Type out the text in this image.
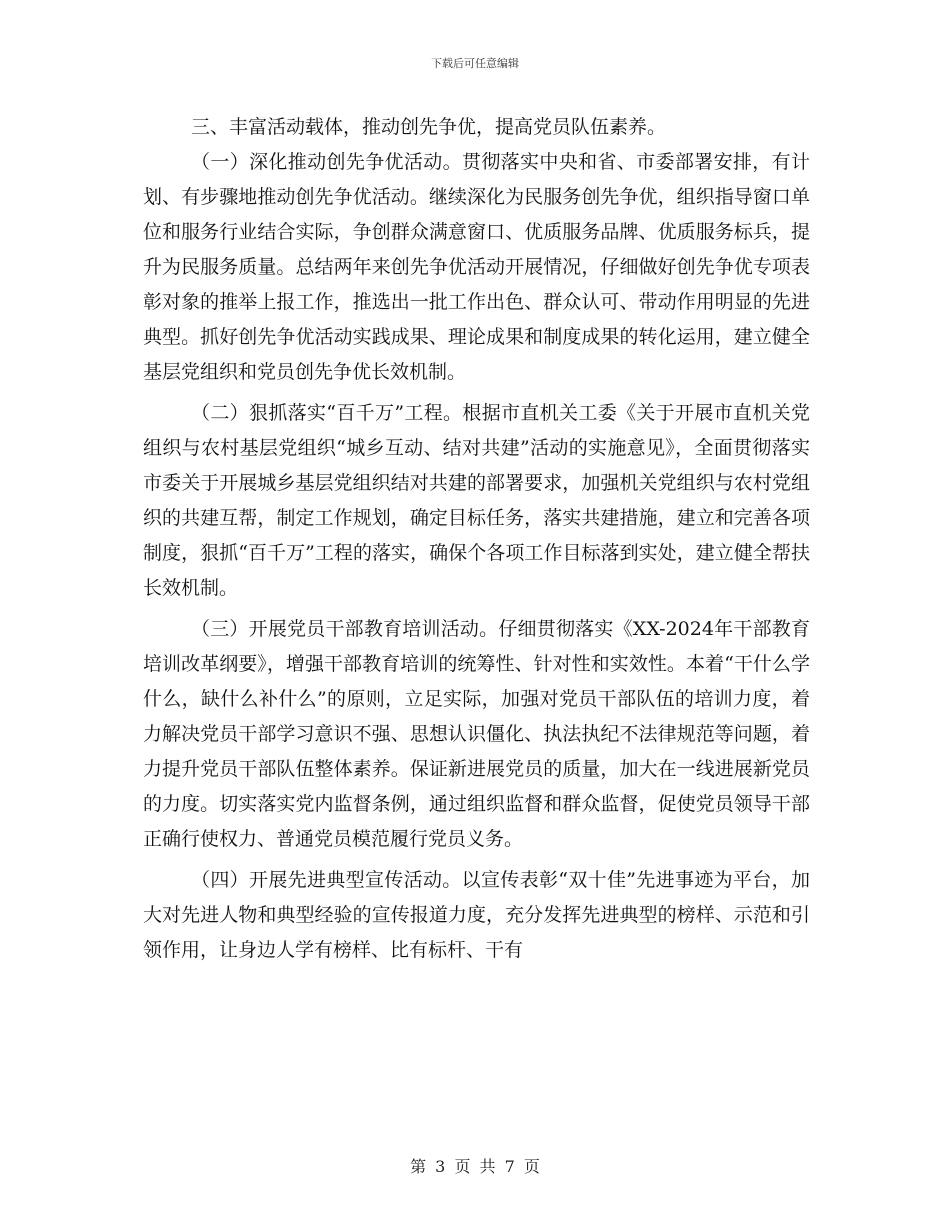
下载后可任意编辑

三、丰富活动载体，推动创先争优，提高党员队伍素养。

（一）深化推动创先争优活动。贯彻落实中央和省、市委部署安排，有计划、有步骤地推动创先争优活动。继续深化为民服务创先争优，组织指导窗口单位和服务行业结合实际，争创群众满意窗口、优质服务品牌、优质服务标兵，提升为民服务质量。总结两年来创先争优活动开展情况，仔细做好创先争优专项表彰对象的推举上报工作，推选出一批工作出色、群众认可、带动作用明显的先进典型。抓好创先争优活动实践成果、理论成果和制度成果的转化运用，建立健全基层党组织和党员创先争优长效机制。

（二）狠抓落实“百千万”工程。根据市直机关工委《关于开展市直机关党组织与农村基层党组织“城乡互动、结对共建”活动的实施意见》，全面贯彻落实市委关于开展城乡基层党组织结对共建的部署要求，加强机关党组织与农村党组织的共建互帮，制定工作规划，确定目标任务，落实共建措施，建立和完善各项制度，狠抓“百千万”工程的落实，确保个各项工作目标落到实处，建立健全帮扶长效机制。

（三）开展党员干部教育培训活动。仔细贯彻落实《XX-2024年干部教育培训改革纲要》，增强干部教育培训的统筹性、针对性和实效性。本着“干什么学什么，缺什么补什么”的原则，立足实际，加强对党员干部队伍的培训力度，着力解决党员干部学习意识不强、思想认识僵化、执法执纪不法律规范等问题，着力提升党员干部队伍整体素养。保证新进展党员的质量，加大在一线进展新党员的力度。切实落实党内监督条例，通过组织监督和群众监督，促使党员领导干部正确行使权力、普通党员模范履行党员义务。

（四）开展先进典型宣传活动。以宣传表彰“双十佳”先进事迹为平台，加大对先进人物和典型经验的宣传报道力度，充分发挥先进典型的榜样、示范和引领作用，让身边人学有榜样、比有标杆、干有

第 3 页 共 7 页
